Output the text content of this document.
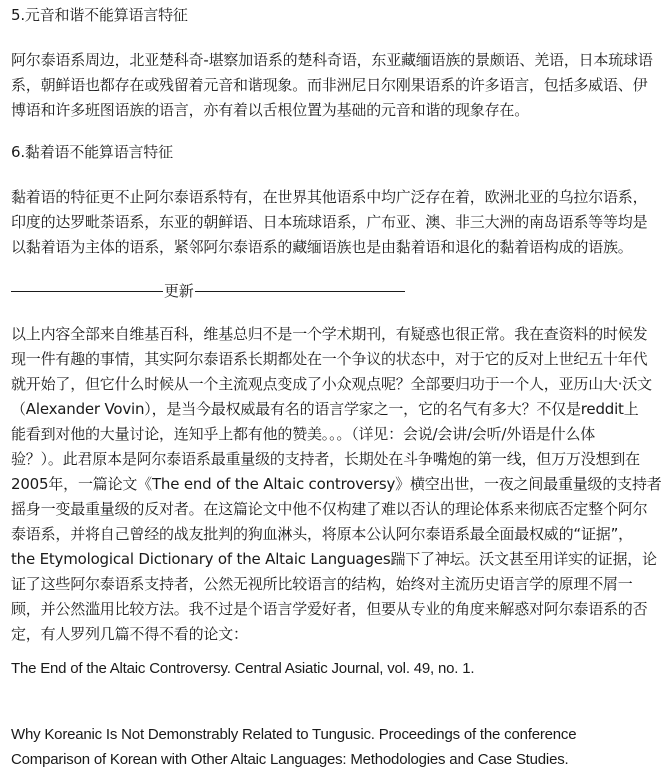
5.元音和谐不能算语言特征
阿尔泰语系周边，北亚楚科奇-堪察加语系的楚科奇语，东亚藏缅语族的景颇语、羌语，日本琉球语
系，朝鲜语也都存在或残留着元音和谐现象。而非洲尼日尔刚果语系的许多语言，包括多威语、伊
博语和许多班图语族的语言，亦有着以舌根位置为基础的元音和谐的现象存在。
6.黏着语不能算语言特征
黏着语的特征更不止阿尔泰语系特有，在世界其他语系中均广泛存在着，欧洲北亚的乌拉尔语系，
印度的达罗毗荼语系，东亚的朝鲜语、日本琉球语系，广布亚、澳、非三大洲的南岛语系等等均是
以黏着语为主体的语系，紧邻阿尔泰语系的藏缅语族也是由黏着语和退化的黏着语构成的语族。
更新
以上内容全部来自维基百科，维基总归不是一个学术期刊，有疑惑也很正常。我在查资料的时候发
现一件有趣的事情，其实阿尔泰语系长期都处在一个争议的状态中，对于它的反对上世纪五十年代
就开始了，但它什么时候从一个主流观点变成了小众观点呢？全部要归功于一个人，亚历山大·沃文
（Alexander Vovin），是当今最权威最有名的语言学家之一，它的名气有多大？不仅是reddit上
能看到对他的大量讨论，连知乎上都有他的赞美。。。（详见：会说/会讲/会听/外语是什么体
验？）。此君原本是阿尔泰语系最重量级的支持者，长期处在斗争嘴炮的第一线，但万万没想到在
2005年，一篇论文《The end of the Altaic controversy》横空出世，一夜之间最重量级的支持者
摇身一变最重量级的反对者。在这篇论文中他不仅构建了难以否认的理论体系来彻底否定整个阿尔
泰语系，并将自己曾经的战友批判的狗血淋头，将原本公认阿尔泰语系最全面最权威的“证据”，
the Etymological Dictionary of the Altaic Languages踹下了神坛。沃文甚至用详实的证据，论
证了这些阿尔泰语系支持者，公然无视所比较语言的结构，始终对主流历史语言学的原理不屑一
顾，并公然滥用比较方法。我不过是个语言学爱好者，但要从专业的角度来解惑对阿尔泰语系的否
定，有人罗列几篇不得不看的论文：
The End of the Altaic Controversy. Central Asiatic Journal, vol. 49, no. 1.
Why Koreanic Is Not Demonstrably Related to Tungusic. Proceedings of the conference
Comparison of Korean with Other Altaic Languages: Methodologies and Case Studies.
